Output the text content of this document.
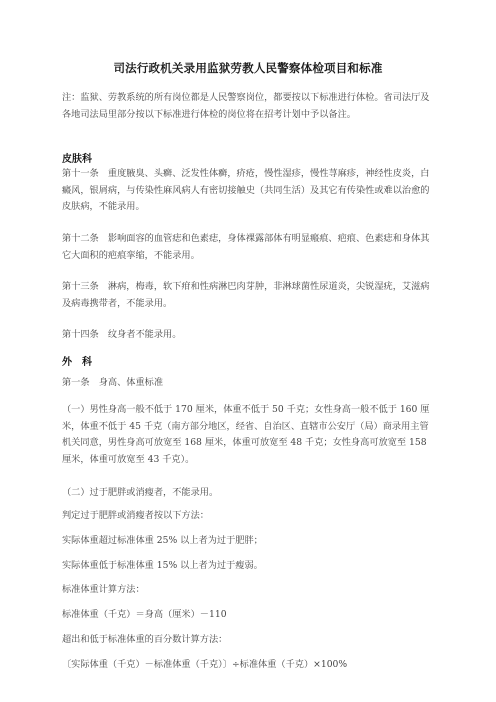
司法行政机关录用监狱劳教人民警察体检项目和标准

注：监狱、劳教系统的所有岗位都是人民警察岗位，都要按以下标准进行体检。省司法厅及各地司法局里部分按以下标准进行体检的岗位将在招考计划中予以备注。

皮肤科

第十一条　重度腋臭、头癣、泛发性体癣，疥疮，慢性湿疹，慢性荨麻疹，神经性皮炎，白癜风，银屑病，与传染性麻风病人有密切接触史（共同生活）及其它有传染性或难以治愈的皮肤病，不能录用。

第十二条　影响面容的血管痣和色素痣，身体裸露部体有明显瘢痕、疤痕、色素痣和身体其它大面积的疤痕挛缩，不能录用。

第十三条　淋病，梅毒，软下疳和性病淋巴肉芽肿，非淋球菌性尿道炎，尖锐湿疣，艾滋病及病毒携带者，不能录用。

第十四条　纹身者不能录用。

外　科

第一条　身高、体重标准

（一）男性身高一般不低于 170 厘米，体重不低于 50 千克；女性身高一般不低于 160 厘米，体重不低于 45 千克（南方部分地区，经省、自治区、直辖市公安厅（局）商录用主管机关同意，男性身高可放宽至 168 厘米，体重可放宽至 48 千克；女性身高可放宽至 158 厘米，体重可放宽至 43 千克）。

（二）过于肥胖或消瘦者，不能录用。

判定过于肥胖或消瘦者按以下方法：

实际体重超过标准体重 25% 以上者为过于肥胖；

实际体重低于标准体重 15% 以上者为过于瘦弱。

标准体重计算方法：

标准体重（千克）＝身高（厘米）－110

超出和低于标准体重的百分数计算方法：

〔实际体重（千克）－标准体重（千克）〕÷标准体重（千克）×100%
